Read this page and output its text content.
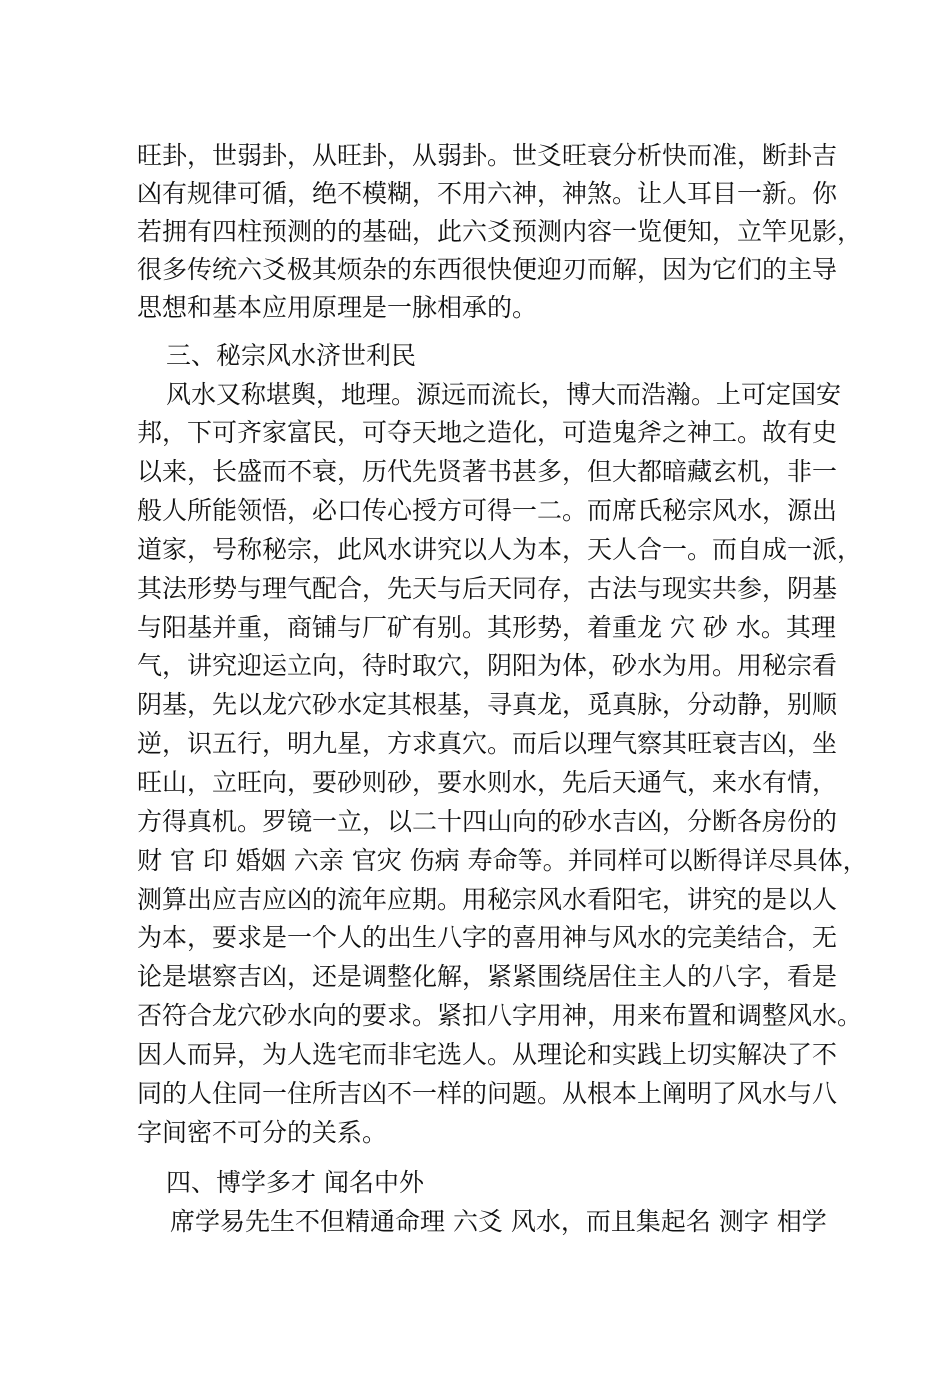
旺卦，世弱卦，从旺卦，从弱卦。世爻旺衰分析快而准，断卦吉
凶有规律可循，绝不模糊，不用六神，神煞。让人耳目一新。你
若拥有四柱预测的的基础，此六爻预测内容一览便知，立竿见影，
很多传统六爻极其烦杂的东西很快便迎刃而解，因为它们的主导
思想和基本应用原理是一脉相承的。
三、秘宗风水济世利民
风水又称堪舆，地理。源远而流长，博大而浩瀚。上可定国安
邦，下可齐家富民，可夺天地之造化，可造鬼斧之神工。故有史
以来，长盛而不衰，历代先贤著书甚多，但大都暗藏玄机，非一
般人所能领悟，必口传心授方可得一二。而席氏秘宗风水，源出
道家，号称秘宗，此风水讲究以人为本，天人合一。而自成一派，
其法形势与理气配合，先天与后天同存，古法与现实共参，阴基
与阳基并重，商铺与厂矿有别。其形势，着重龙 穴 砂 水。其理
气，讲究迎运立向，待时取穴，阴阳为体，砂水为用。用秘宗看
阴基，先以龙穴砂水定其根基，寻真龙，觅真脉，分动静，别顺
逆，识五行，明九星，方求真穴。而后以理气察其旺衰吉凶，坐
旺山，立旺向，要砂则砂，要水则水，先后天通气，来水有情，
方得真机。罗镜一立，以二十四山向的砂水吉凶，分断各房份的
财 官 印 婚姻 六亲 官灾 伤病 寿命等。并同样可以断得详尽具体，
测算出应吉应凶的流年应期。用秘宗风水看阳宅，讲究的是以人
为本，要求是一个人的出生八字的喜用神与风水的完美结合，无
论是堪察吉凶，还是调整化解，紧紧围绕居住主人的八字，看是
否符合龙穴砂水向的要求。紧扣八字用神，用来布置和调整风水。
因人而异，为人选宅而非宅选人。从理论和实践上切实解决了不
同的人住同一住所吉凶不一样的问题。从根本上阐明了风水与八
字间密不可分的关系。
四、博学多才 闻名中外
席学易先生不但精通命理 六爻 风水，而且集起名 测字 相学
